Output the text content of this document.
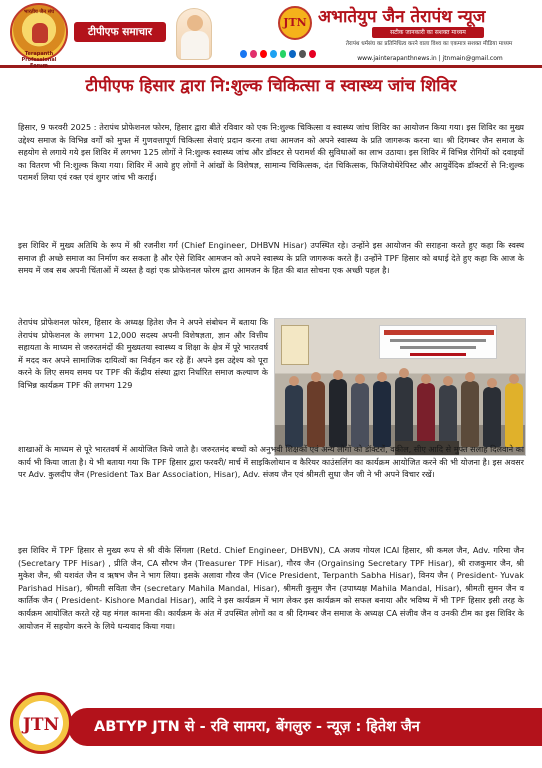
भारतीय जैन संघ
Terapanth Professional Forum
टीपीएफ समाचार
JTN अभातेयुप जैन तेरापंथ न्यूज
सटीक जानकारी का सशक्त माध्यम
तेरापंथ धर्मसंघ का प्रतिनिधित्व करने वाला विश्व का एकमात्र सशक्त मीडिया माध्यम
www.jainterapanthnews.in | jtnmain@gmail.com
टीपीएफ हिसार द्वारा नि:शुल्क चिकित्सा व स्वास्थ्य जांच शिविर

हिसार, 9 फरवरी 2025 : तेरापंथ प्रोफेशनल फोरम, हिसार द्वारा बीते रविवार को एक नि:शुल्क चिकित्सा व स्वास्थ्य जांच शिविर का आयोजन किया गया। इस शिविर का मुख्य उद्देश्य समाज के विभिन्न वर्गों को मुफ्त में गुणवत्तापूर्ण चिकित्सा सेवाएं प्रदान करना तथा आमजन को अपने स्वास्थ्य के प्रति जागरूक करना था। श्री दिगम्बर जैन समाज के सहयोग से लगाये गये इस शिविर में लगभग 125 लोगों ने नि:शुल्क स्वास्थ्य जांच और डॉक्टर से परामर्श की सुविधाओं का लाभ उठाया। इस शिविर में विभिन्न रोगियों को दवाइयों का वितरण भी नि:शुल्क किया गया। शिविर में आये हुए लोगों ने आंखों के विशेषज्ञ, सामान्य चिकित्सक, दंत चिकित्सक, फिजियोथेरेपिस्ट और आयुर्वेदिक डॉक्टरों से नि:शुल्क परामर्श लिया एवं रक्त एवं शुगर जांच भी कराई।

इस शिविर में मुख्य अतिथि के रूप में श्री रजनीश गर्ग (Chief Engineer, DHBVN Hisar) उपस्थित रहे। उन्होंने इस आयोजन की सराहना करते हुए कहा कि स्वस्थ समाज ही अच्छे समाज का निर्माण कर सकता है और ऐसे शिविर आमजन को अपने स्वास्थ्य के प्रति जागरूक करते हैं। उन्होंने TPF हिसार को बधाई देते हुए कहा कि आज के समय में जब सब अपनी चिंताओं में व्यस्त है वहां एक प्रोफेशनल फोरम द्वारा आमजन के हित की बात सोचना एक अच्छी पहल है।

तेरापंथ प्रोफेशनल फोरम, हिसार के अध्यक्ष हितेश जैन ने अपने संबोधन में बताया कि तेरापंथ प्रोफेशनल के लगभग 12,000 सदस्य अपनी विशेषज्ञता, ज्ञान और वित्तीय सहायता के माध्यम से जरुरतमंदों की मुख्यतया स्वास्थ्य व शिक्षा के क्षेत्र में पूरे भारतवर्ष में मदद कर अपने सामाजिक दायित्वों का निर्वहन कर रहे हैं। अपने इस उद्देश्य को पूरा करने के लिए समय समय पर TPF की केंद्रीय संस्था द्वारा निर्धारित समाज कल्याण के विभिन्न कार्यक्रम TPF की लगभग 129

शाखाओं के माध्यम से पूरे भारतवर्ष में आयोजित किये जाते है। जरुरतमंद बच्चों को अनुभवी शिक्षकों एवं अन्य लोगों को डॉक्टरों, वकील, सीए आदि से मुफ्त सलाह दिलवाने का कार्य भी किया जाता है। ये भी बताया गया कि TPF हिसार द्वारा फरवरी/ मार्च में साइकिलोथान व कैरियर काउंसलिंग का कार्यक्रम आयोजित करने की भी योजना है। इस अवसर पर Adv. कुलदीप जैन (President Tax Bar Association, Hisar), Adv. संजय जैन एवं श्रीमती सुधा जैन जी ने भी अपने विचार रखें।

इस शिविर में TPF हिसार से मुख्य रूप से श्री वीके सिंगला (Retd. Chief Engineer, DHBVN), CA अजय गोयल ICAI हिसार, श्री कमल जैन, Adv. गरिमा जैन (Secretary TPF Hisar) , प्रीति जैन, CA सौरभ जैन (Treasurer TPF Hisar), गौरव जैन (Orgainsing Secretary TPF Hisar), श्री राजकुमार जैन, श्री मुकेश जैन, श्री यशवंत जैन व ऋषभ जैन ने भाग लिया। इसके अलावा गौरव जैन (Vice President, Terpanth Sabha Hisar), विनय जैन ( President- Yuvak Parishad Hisar), श्रीमती सविता जैन (secretary Mahila Mandal, Hisar), श्रीमती कुसुम जैन (उपाध्यक्ष Mahila Mandal, Hisar), श्रीमती सुमन जैन व कार्तिक जैन ( President- Kishore Mandal Hisar), आदि ने इस कार्यक्रम में भाग लेकर इस कार्यक्रम को सफल बनाया और भविष्य में भी TPF हिसार इसी तरह के कार्यक्रम आयोजित करते रहे यह मंगल कामना की। कार्यक्रम के अंत में उपस्थित लोगों का व श्री दिगम्बर जैन समाज के अध्यक्ष CA संजीव जैन व उनकी टीम का इस शिविर के आयोजन में सहयोग करने के लिये धन्यवाद किया गया।

ABTYP JTN से - रवि सामरा, बेंगलुरु - न्यूज़ : हितेश जैन
JTN
